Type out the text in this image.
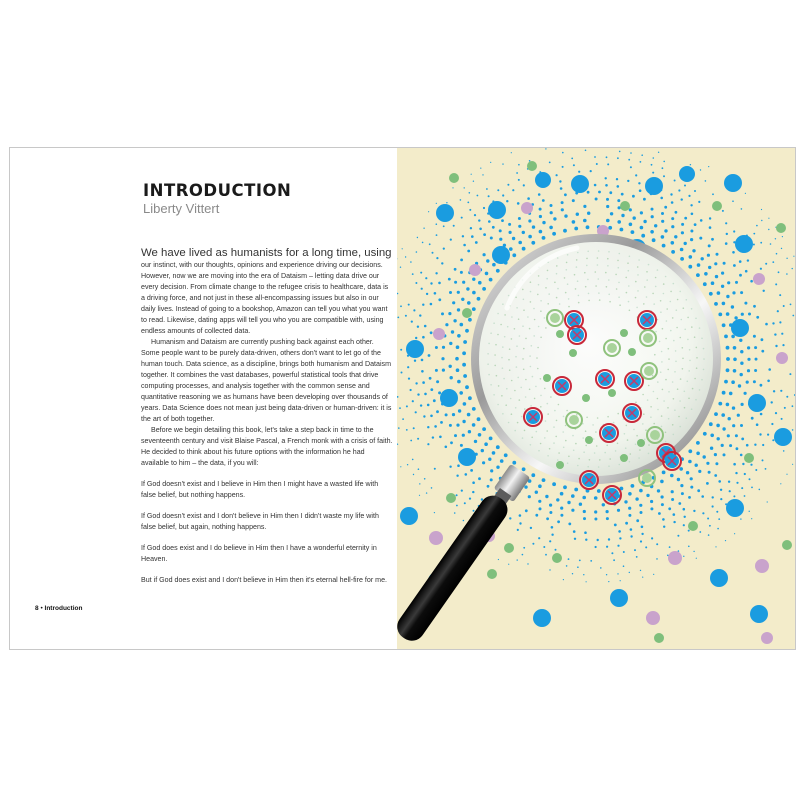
INTRODUCTION
Liberty Vittert

We have lived as humanists for a long time, using our instinct, with our thoughts, opinions and experience driving our decisions. However, now we are moving into the era of Dataism – letting data drive our every decision. From climate change to the refugee crisis to healthcare, data is a driving force, and not just in these all-encompassing issues but also in our daily lives. Instead of going to a bookshop, Amazon can tell you what you want to read. Likewise, dating apps will tell you who you are compatible with, using endless amounts of collected data.

Humanism and Dataism are currently pushing back against each other. Some people want to be purely data-driven, others don't want to let go of the human touch. Data science, as a discipline, brings both humanism and Dataism together. It combines the vast databases, powerful statistical tools that drive computing processes, and analysis together with the common sense and quantitative reasoning we as humans have been developing over thousands of years. Data Science does not mean just being data-driven or human-driven: it is the art of both together.

Before we begin detailing this book, let's take a step back in time to the seventeenth century and visit Blaise Pascal, a French monk with a crisis of faith. He decided to think about his future options with the information he had available to him – the data, if you will:

If God doesn't exist and I believe in Him then I might have a wasted life with false belief, but nothing happens.

If God doesn't exist and I don't believe in Him then I didn't waste my life with false belief, but again, nothing happens.

If God does exist and I do believe in Him then I have a wonderful eternity in Heaven.

But if God does exist and I don't believe in Him then it's eternal hell-fire for me.

8 • Introduction
